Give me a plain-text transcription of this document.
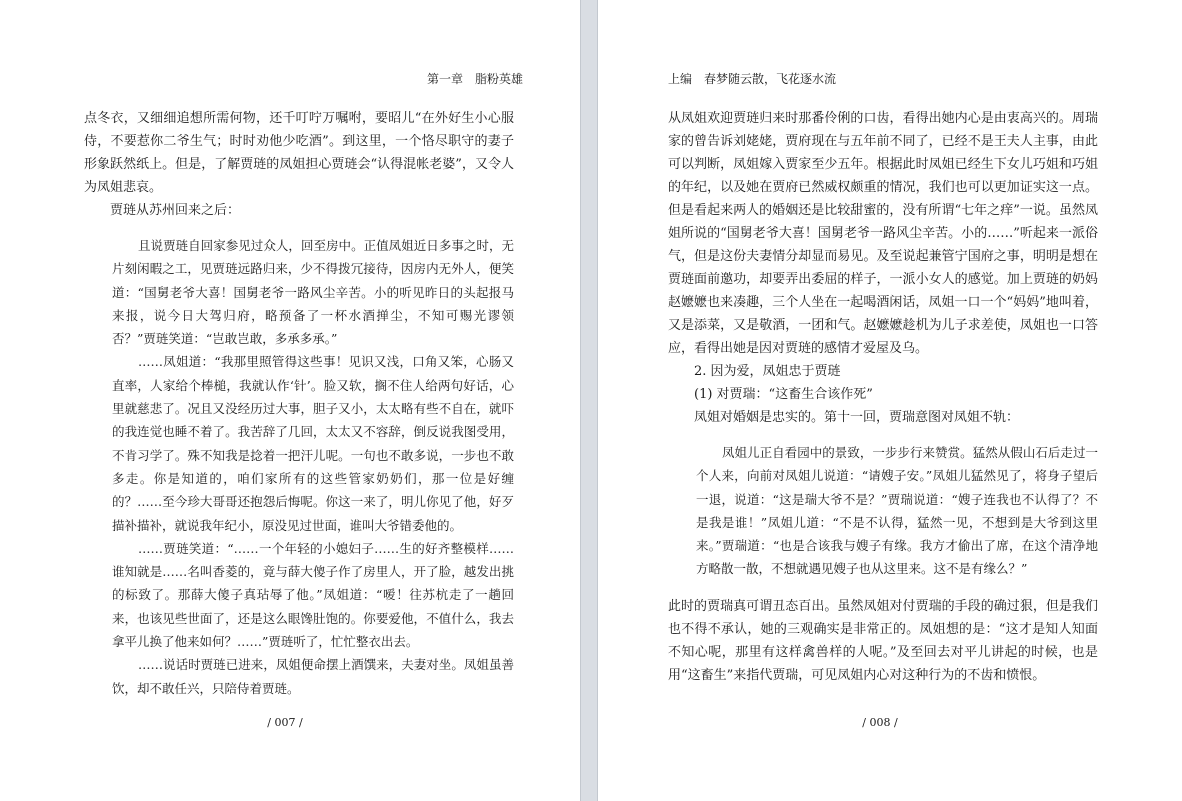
第一章　脂粉英雄

点冬衣，又细细追想所需何物，还千叮咛万嘱咐，要昭儿“在外好生小心服侍，不要惹你二爷生气；时时劝他少吃酒”。到这里，一个恪尽职守的妻子形象跃然纸上。但是，了解贾琏的凤姐担心贾琏会“认得混帐老婆”，又令人为凤姐悲哀。

贾琏从苏州回来之后：

且说贾琏自回家参见过众人，回至房中。正值凤姐近日多事之时，无片刻闲暇之工，见贾琏远路归来，少不得拨冗接待，因房内无外人，便笑道：“国舅老爷大喜！国舅老爷一路风尘辛苦。小的听见昨日的头起报马来报，说今日大驾归府，略预备了一杯水酒掸尘，不知可赐光谬领否？”贾琏笑道：“岂敢岂敢，多承多承。”

……凤姐道：“我那里照管得这些事！见识又浅，口角又笨，心肠又直率，人家给个棒槌，我就认作‘针’。脸又软，搁不住人给两句好话，心里就慈悲了。况且又没经历过大事，胆子又小，太太略有些不自在，就吓的我连觉也睡不着了。我苦辞了几回，太太又不容辞，倒反说我图受用，不肯习学了。殊不知我是捻着一把汗儿呢。一句也不敢多说，一步也不敢多走。你是知道的，咱们家所有的这些管家奶奶们，那一位是好缠的？……至今珍大哥哥还抱怨后悔呢。你这一来了，明儿你见了他，好歹描补描补，就说我年纪小，原没见过世面，谁叫大爷错委他的。

……贾琏笑道：“……一个年轻的小媳妇子……生的好齐整模样……谁知就是……名叫香菱的，竟与薛大傻子作了房里人，开了脸，越发出挑的标致了。那薛大傻子真玷辱了他。”凤姐道：“嗳！往苏杭走了一趟回来，也该见些世面了，还是这么眼馋肚饱的。你要爱他，不值什么，我去拿平儿换了他来如何？……”贾琏听了，忙忙整衣出去。

……说话时贾琏已进来，凤姐便命摆上酒馔来，夫妻对坐。凤姐虽善饮，却不敢任兴，只陪侍着贾琏。

/ 007 /
上编　春梦随云散，飞花逐水流

从凤姐欢迎贾琏归来时那番伶俐的口齿，看得出她内心是由衷高兴的。周瑞家的曾告诉刘姥姥，贾府现在与五年前不同了，已经不是王夫人主事，由此可以判断，凤姐嫁入贾家至少五年。根据此时凤姐已经生下女儿巧姐和巧姐的年纪，以及她在贾府已然威权颇重的情况，我们也可以更加证实这一点。但是看起来两人的婚姻还是比较甜蜜的，没有所谓“七年之痒”一说。虽然凤姐所说的“国舅老爷大喜！国舅老爷一路风尘辛苦。小的……”听起来一派俗气，但是这份夫妻情分却显而易见。及至说起兼管宁国府之事，明明是想在贾琏面前邀功，却要弄出委屈的样子，一派小女人的感觉。加上贾琏的奶妈赵嬷嬷也来凑趣，三个人坐在一起喝酒闲话，凤姐一口一个“妈妈”地叫着，又是添菜，又是敬酒，一团和气。赵嬷嬷趁机为儿子求差使，凤姐也一口答应，看得出她是因对贾琏的感情才爱屋及乌。

2. 因为爱，凤姐忠于贾琏

(1) 对贾瑞：“这畜生合该作死”

凤姐对婚姻是忠实的。第十一回，贾瑞意图对凤姐不轨：

凤姐儿正自看园中的景致，一步步行来赞赏。猛然从假山石后走过一个人来，向前对凤姐儿说道：“请嫂子安。”凤姐儿猛然见了，将身子望后一退，说道：“这是瑞大爷不是？”贾瑞说道：“嫂子连我也不认得了？不是我是谁！”凤姐儿道：“不是不认得，猛然一见，不想到是大爷到这里来。”贾瑞道：“也是合该我与嫂子有缘。我方才偷出了席，在这个清净地方略散一散，不想就遇见嫂子也从这里来。这不是有缘么？”

此时的贾瑞真可谓丑态百出。虽然凤姐对付贾瑞的手段的确过狠，但是我们也不得不承认，她的三观确实是非常正的。凤姐想的是：“这才是知人知面不知心呢，那里有这样禽兽样的人呢。”及至回去对平儿讲起的时候，也是用“这畜生”来指代贾瑞，可见凤姐内心对这种行为的不齿和愤恨。

/ 008 /
